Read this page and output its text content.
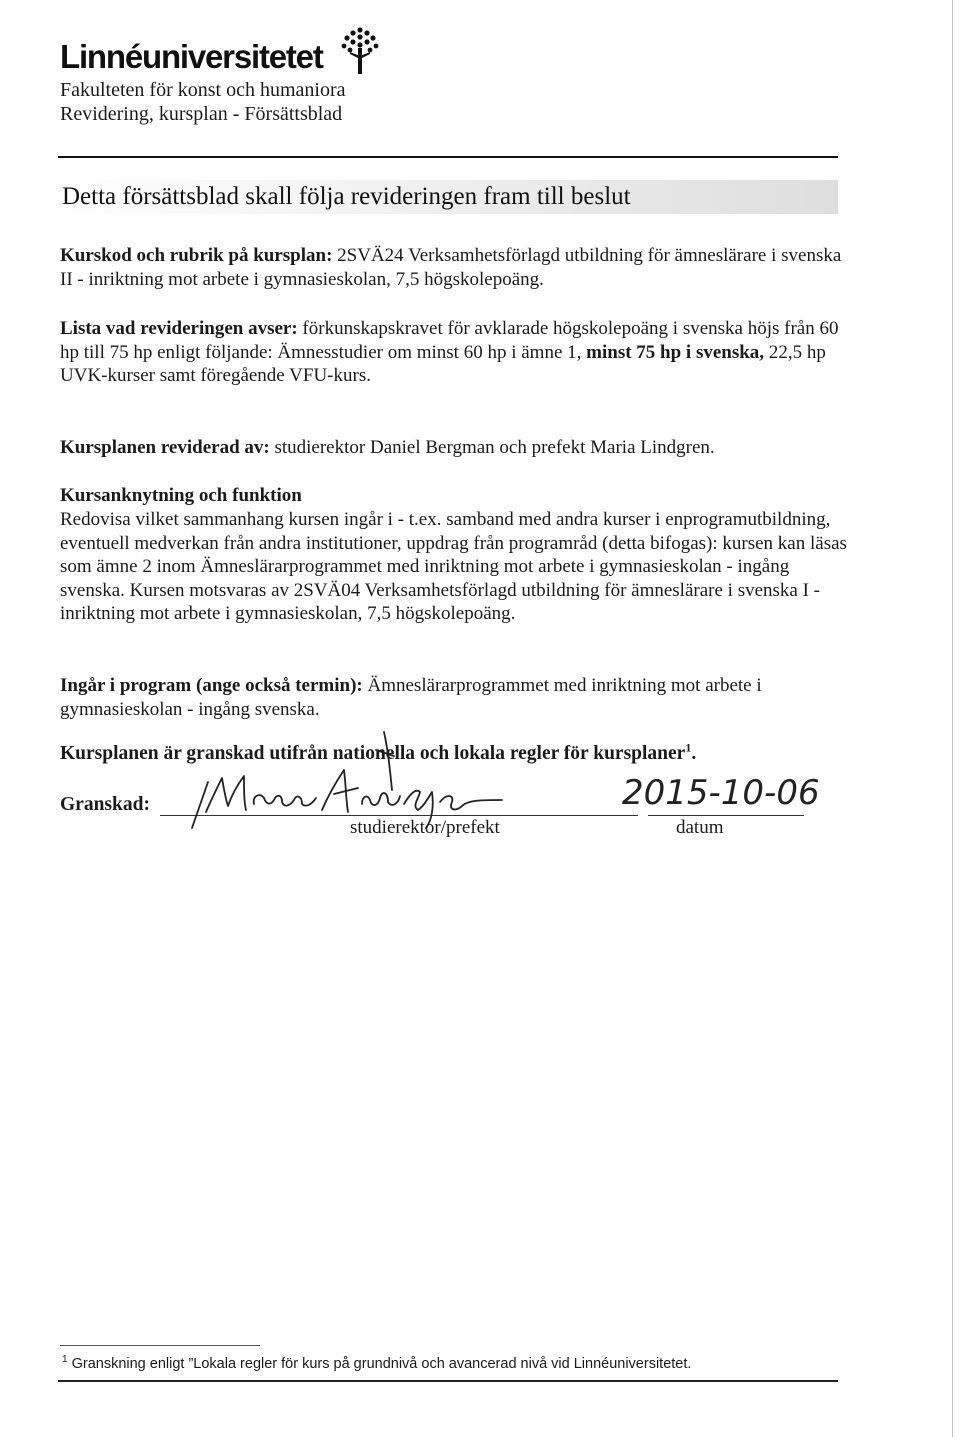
Linnéuniversitetet
Fakulteten för konst och humaniora
Revidering, kursplan - Försättsblad
Detta försättsblad skall följa revideringen fram till beslut
Kurskod och rubrik på kursplan: 2SVÄ24 Verksamhetsförlagd utbildning för ämneslärare i svenska II - inriktning mot arbete i gymnasieskolan, 7,5 högskolepoäng.
Lista vad revideringen avser: förkunskapskravet för avklarade högskolepoäng i svenska höjs från 60 hp till 75 hp enligt följande: Ämnesstudier om minst 60 hp i ämne 1, minst 75 hp i svenska, 22,5 hp UVK-kurser samt föregående VFU-kurs.
Kursplanen reviderad av: studierektor Daniel Bergman och prefekt Maria Lindgren.
Kursanknytning och funktion
Redovisa vilket sammanhang kursen ingår i - t.ex. samband med andra kurser i enprogramutbildning, eventuell medverkan från andra institutioner, uppdrag från programråd (detta bifogas): kursen kan läsas som ämne 2 inom Ämneslärarprogrammet med inriktning mot arbete i gymnasieskolan - ingång svenska. Kursen motsvaras av 2SVÄ04 Verksamhetsförlagd utbildning för ämneslärare i svenska I - inriktning mot arbete i gymnasieskolan, 7,5 högskolepoäng.
Ingår i program (ange också termin): Ämneslärarprogrammet med inriktning mot arbete i gymnasieskolan - ingång svenska.
Kursplanen är granskad utifrån nationella och lokala regler för kursplaner$^1$.
Granskad:	2015-10-06
studierektor/prefekt	datum
$^1$ Granskning enligt ”Lokala regler för kurs på grundnivå och avancerad nivå vid Linnéuniversitetet.
